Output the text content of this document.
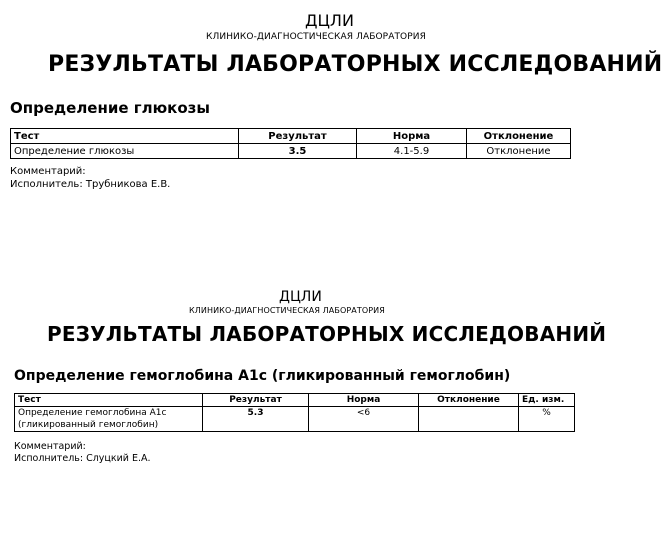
ДЦЛИ
КЛИНИКО-ДИАГНОСТИЧЕСКАЯ ЛАБОРАТОРИЯ
РЕЗУЛЬТАТЫ ЛАБОРАТОРНЫХ ИССЛЕДОВАНИЙ
Определение глюкозы
Тест	Результат	Норма	Отклонение
Определение глюкозы	3.5	4.1-5.9	Отклонение
Комментарий:
Исполнитель: Трубникова Е.В.
ДЦЛИ
КЛИНИКО-ДИАГНОСТИЧЕСКАЯ ЛАБОРАТОРИЯ
РЕЗУЛЬТАТЫ ЛАБОРАТОРНЫХ ИССЛЕДОВАНИЙ
Определение гемоглобина A1c (гликированный гемоглобин)
Тест	Результат	Норма	Отклонение	Ед. изм.
Определение гемоглобина A1c (гликированный гемоглобин)	5.3	<6		%
Комментарий:
Исполнитель: Слуцкий Е.А.
